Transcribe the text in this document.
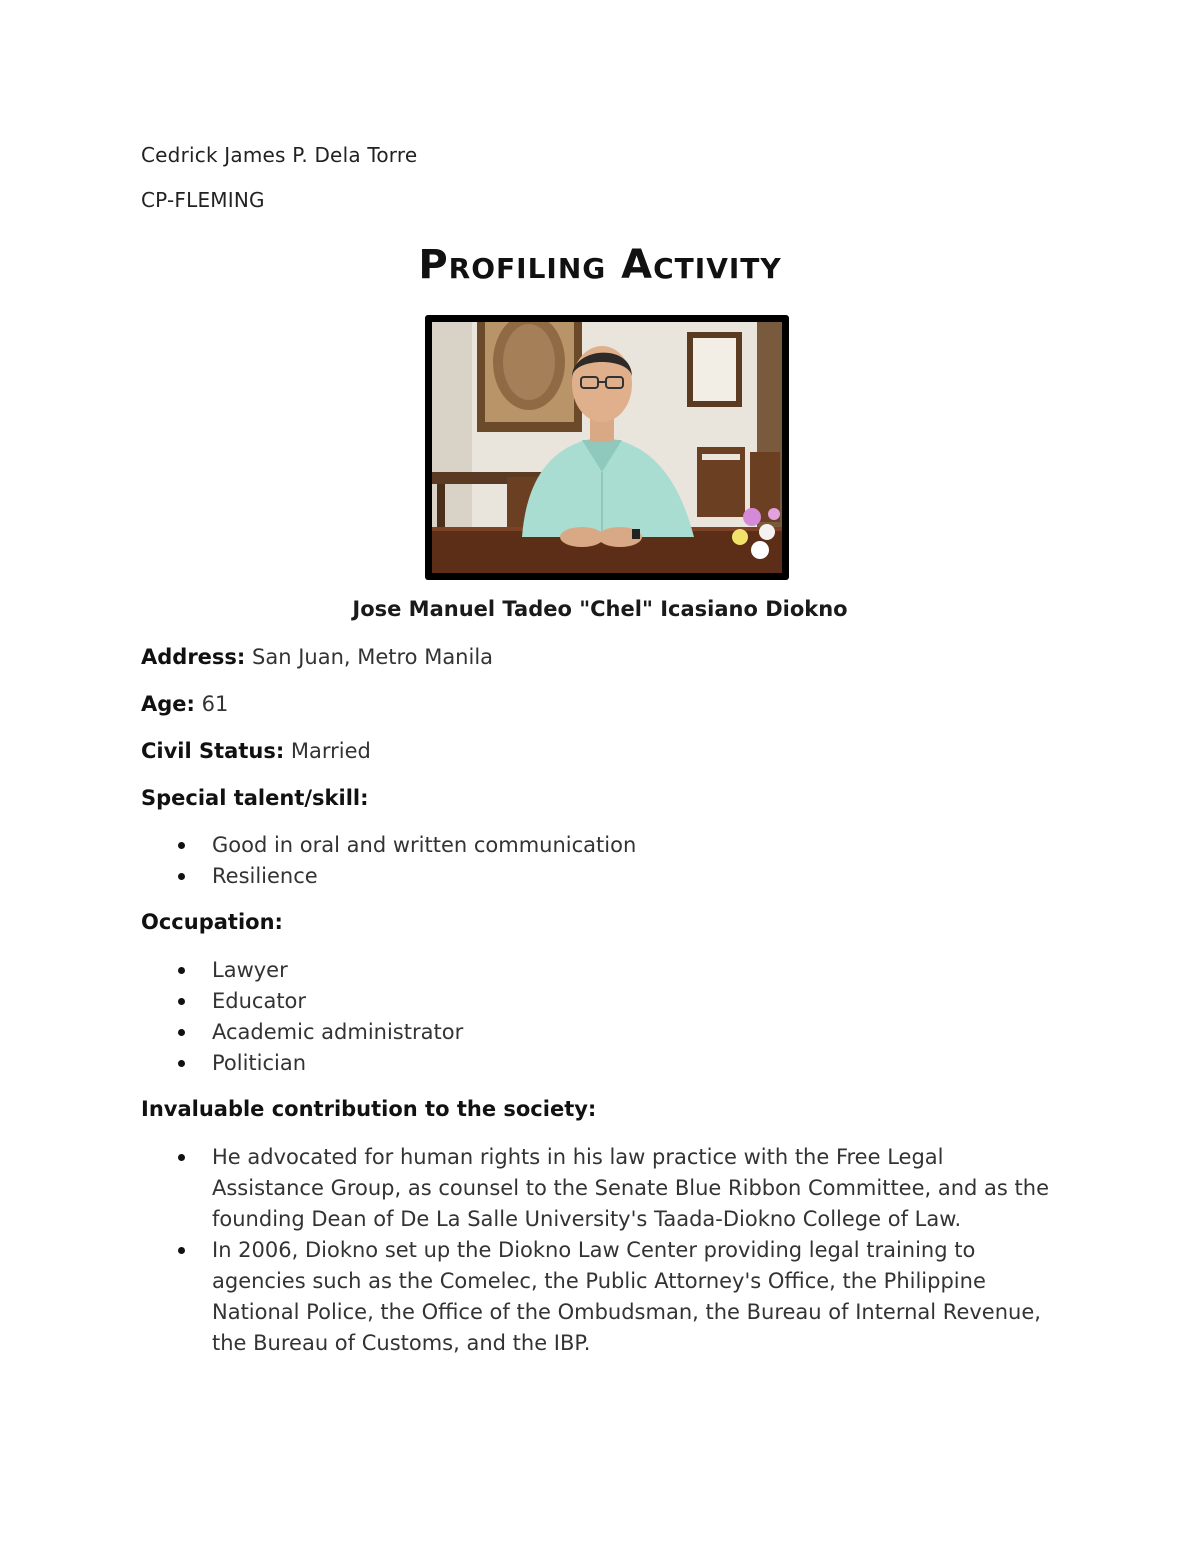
Cedrick James P. Dela Torre
CP-FLEMING
Profiling Activity
Jose Manuel Tadeo "Chel" Icasiano Diokno
Address: San Juan, Metro Manila
Age: 61
Civil Status: Married
Special talent/skill:
Good in oral and written communication
Resilience
Occupation:
Lawyer
Educator
Academic administrator
Politician
Invaluable contribution to the society:
He advocated for human rights in his law practice with the Free Legal Assistance Group, as counsel to the Senate Blue Ribbon Committee, and as the founding Dean of De La Salle University's Taada-Diokno College of Law.
In 2006, Diokno set up the Diokno Law Center providing legal training to agencies such as the Comelec, the Public Attorney's Office, the Philippine National Police, the Office of the Ombudsman, the Bureau of Internal Revenue, the Bureau of Customs, and the IBP.
